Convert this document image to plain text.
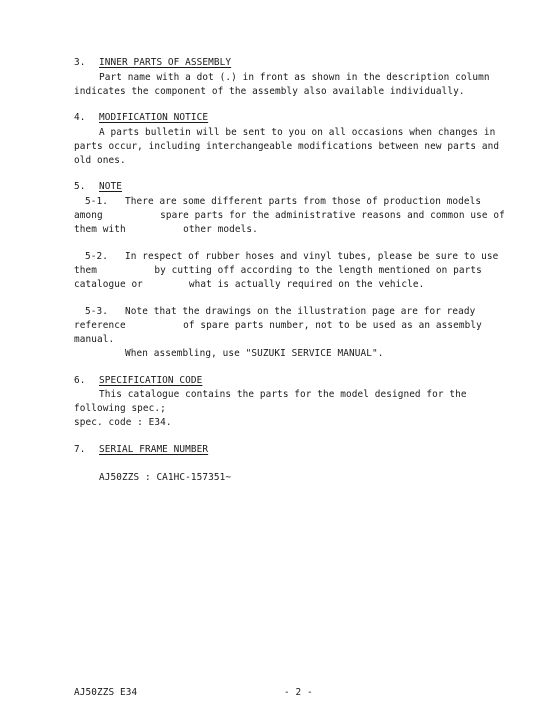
3. INNER PARTS OF ASSEMBLY
Part name with a dot (.) in front as shown in the description column
indicates the component of the assembly also available individually.
4. MODIFICATION NOTICE
A parts bulletin will be sent to you on all occasions when changes in
parts occur, including interchangeable modifications between new parts and
old ones.
5. NOTE
5-1. There are some different parts from those of production models
among          spare parts for the administrative reasons and common use of
them with          other models.
5-2. In respect of rubber hoses and vinyl tubes, please be sure to use
them          by cutting off according to the length mentioned on parts
catalogue or        what is actually required on the vehicle.
5-3. Note that the drawings on the illustration page are for ready
reference          of spare parts number, not to be used as an assembly
manual.
When assembling, use "SUZUKI SERVICE MANUAL".
6. SPECIFICATION CODE
This catalogue contains the parts for the model designed for the
following spec.;
spec. code : E34.
7. SERIAL FRAME NUMBER
AJ50ZZS : CA1HC-157351~
AJ50ZZS E34	- 2 -
